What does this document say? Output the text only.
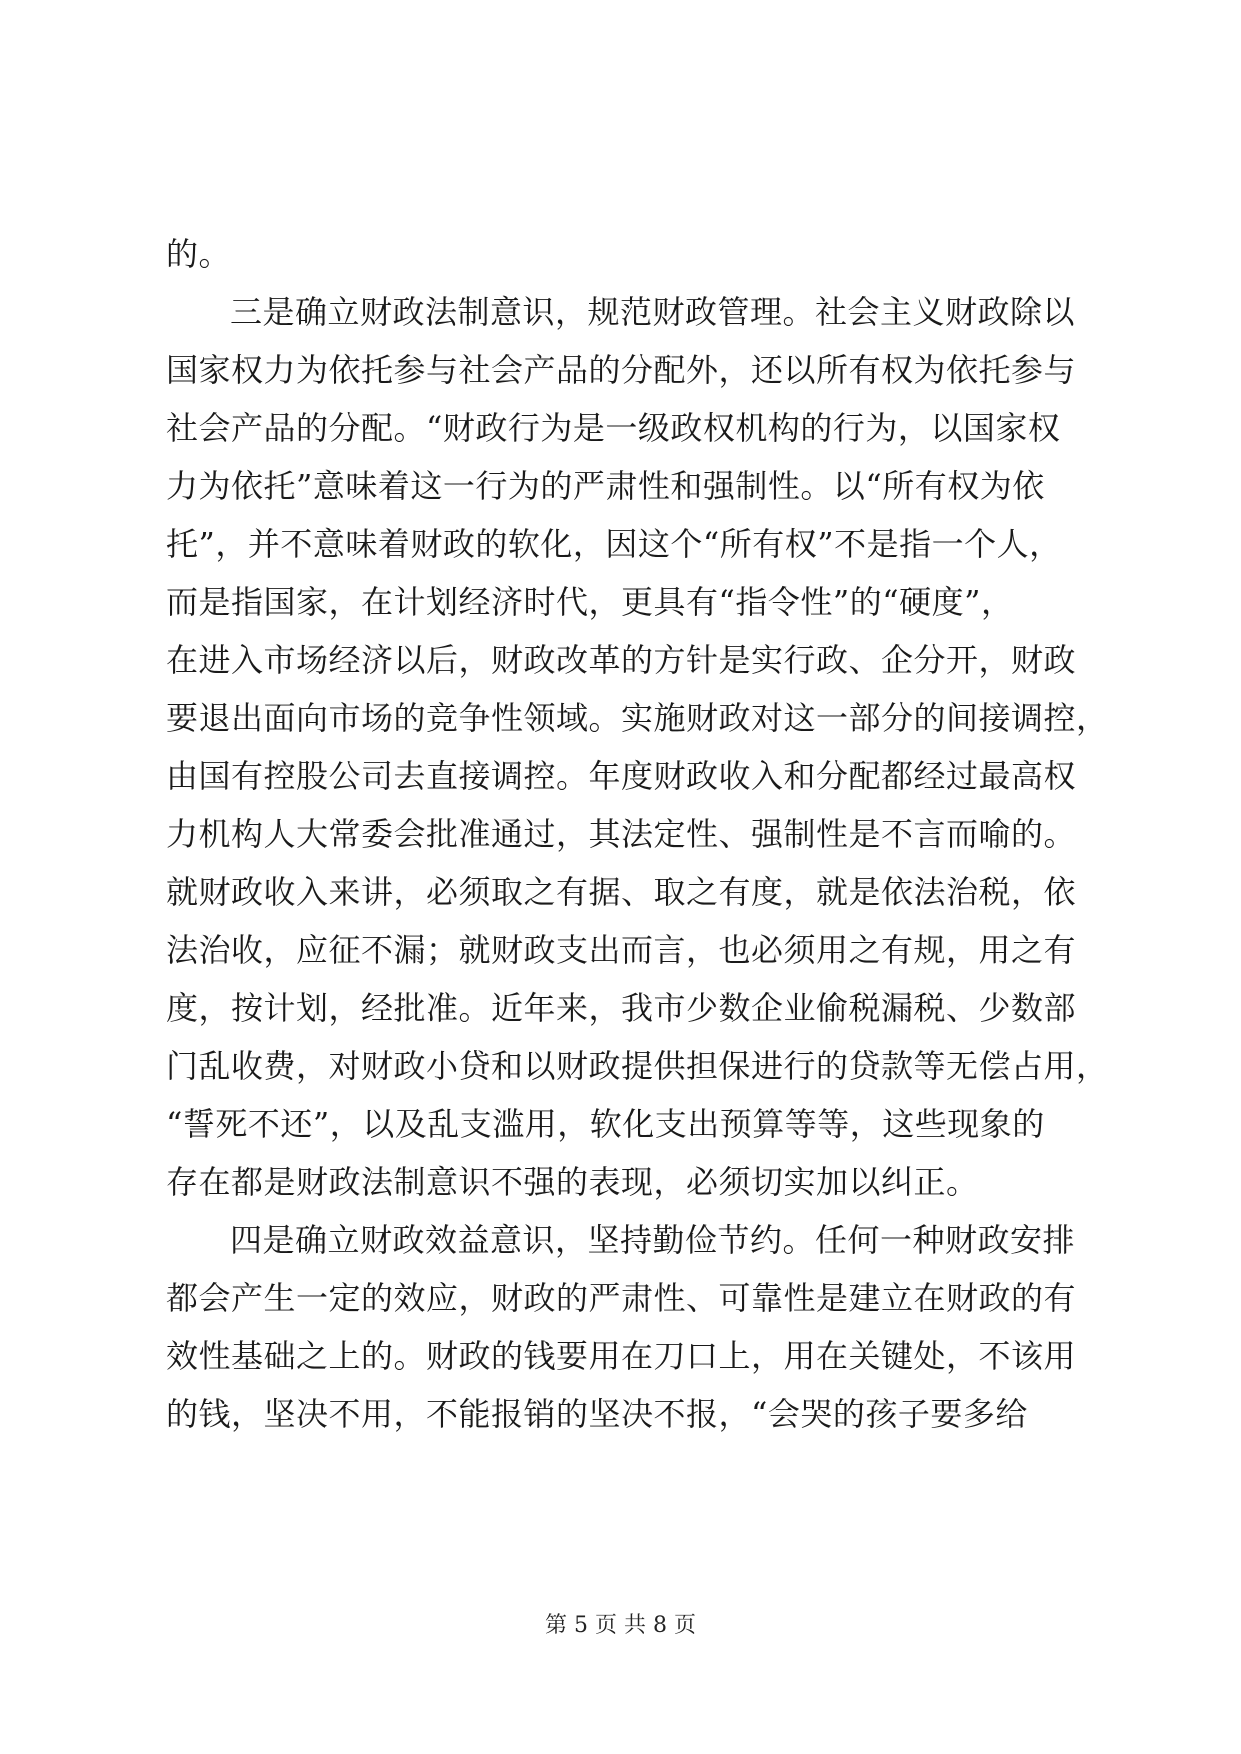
的。
三是确立财政法制意识，规范财政管理。社会主义财政除以
国家权力为依托参与社会产品的分配外，还以所有权为依托参与
社会产品的分配。“财政行为是一级政权机构的行为，以国家权
力为依托”意味着这一行为的严肃性和强制性。以“所有权为依
托”，并不意味着财政的软化，因这个“所有权”不是指一个人，
而是指国家，在计划经济时代，更具有“指令性”的“硬度”，
在进入市场经济以后，财政改革的方针是实行政、企分开，财政
要退出面向市场的竞争性领域。实施财政对这一部分的间接调控，
由国有控股公司去直接调控。年度财政收入和分配都经过最高权
力机构人大常委会批准通过，其法定性、强制性是不言而喻的。
就财政收入来讲，必须取之有据、取之有度，就是依法治税，依
法治收，应征不漏；就财政支出而言，也必须用之有规，用之有
度，按计划，经批准。近年来，我市少数企业偷税漏税、少数部
门乱收费，对财政小贷和以财政提供担保进行的贷款等无偿占用，
“誓死不还”，以及乱支滥用，软化支出预算等等，这些现象的
存在都是财政法制意识不强的表现，必须切实加以纠正。
四是确立财政效益意识，坚持勤俭节约。任何一种财政安排
都会产生一定的效应，财政的严肃性、可靠性是建立在财政的有
效性基础之上的。财政的钱要用在刀口上，用在关键处，不该用
的钱，坚决不用，不能报销的坚决不报，“会哭的孩子要多给
第 5 页 共 8 页
